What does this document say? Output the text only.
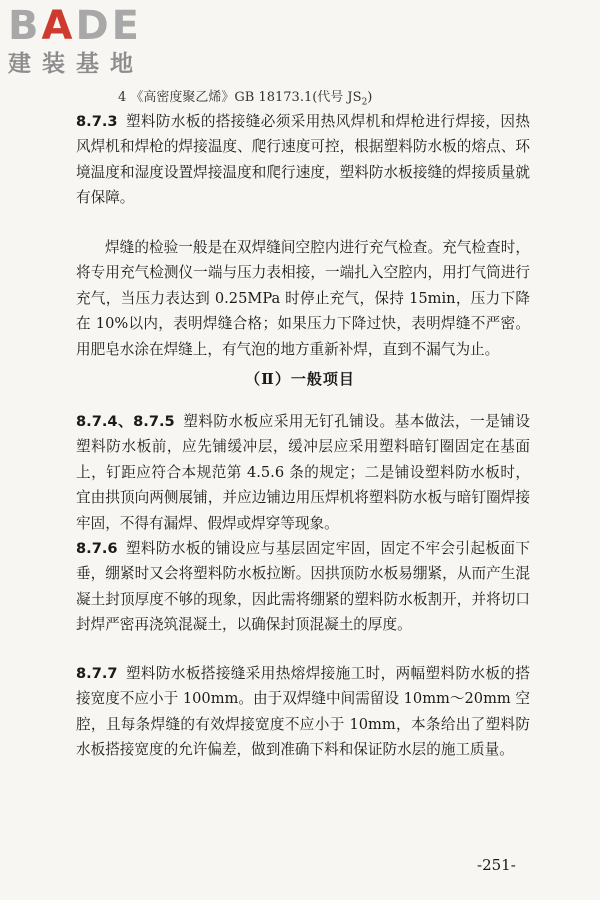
BADE
建装基地
4 《高密度聚乙烯》GB 18173.1(代号 $JS_2$)

8.7.3 塑料防水板的搭接缝必须采用热风焊机和焊枪进行焊接，因热风焊机和焊枪的焊接温度、爬行速度可控，根据塑料防水板的熔点、环境温度和湿度设置焊接温度和爬行速度，塑料防水板接缝的焊接质量就有保障。

焊缝的检验一般是在双焊缝间空腔内进行充气检查。充气检查时，将专用充气检测仪一端与压力表相接，一端扎入空腔内，用打气筒进行充气，当压力表达到 0.25MPa 时停止充气，保持 15min，压力下降在 10%以内，表明焊缝合格；如果压力下降过快，表明焊缝不严密。用肥皂水涂在焊缝上，有气泡的地方重新补焊，直到不漏气为止。

（Ⅱ）一般项目

8.7.4、8.7.5 塑料防水板应采用无钉孔铺设。基本做法，一是铺设塑料防水板前，应先铺缓冲层，缓冲层应采用塑料暗钉圈固定在基面上，钉距应符合本规范第 4.5.6 条的规定；二是铺设塑料防水板时，宜由拱顶向两侧展铺，并应边铺边用压焊机将塑料防水板与暗钉圈焊接牢固，不得有漏焊、假焊或焊穿等现象。

8.7.6 塑料防水板的铺设应与基层固定牢固，固定不牢会引起板面下垂，绷紧时又会将塑料防水板拉断。因拱顶防水板易绷紧，从而产生混凝土封顶厚度不够的现象，因此需将绷紧的塑料防水板割开，并将切口封焊严密再浇筑混凝土，以确保封顶混凝土的厚度。

8.7.7 塑料防水板搭接缝采用热熔焊接施工时，两幅塑料防水板的搭接宽度不应小于 100mm。由于双焊缝中间需留设 10mm～20mm 空腔，且每条焊缝的有效焊接宽度不应小于 10mm，本条给出了塑料防水板搭接宽度的允许偏差，做到准确下料和保证防水层的施工质量。

-251-
